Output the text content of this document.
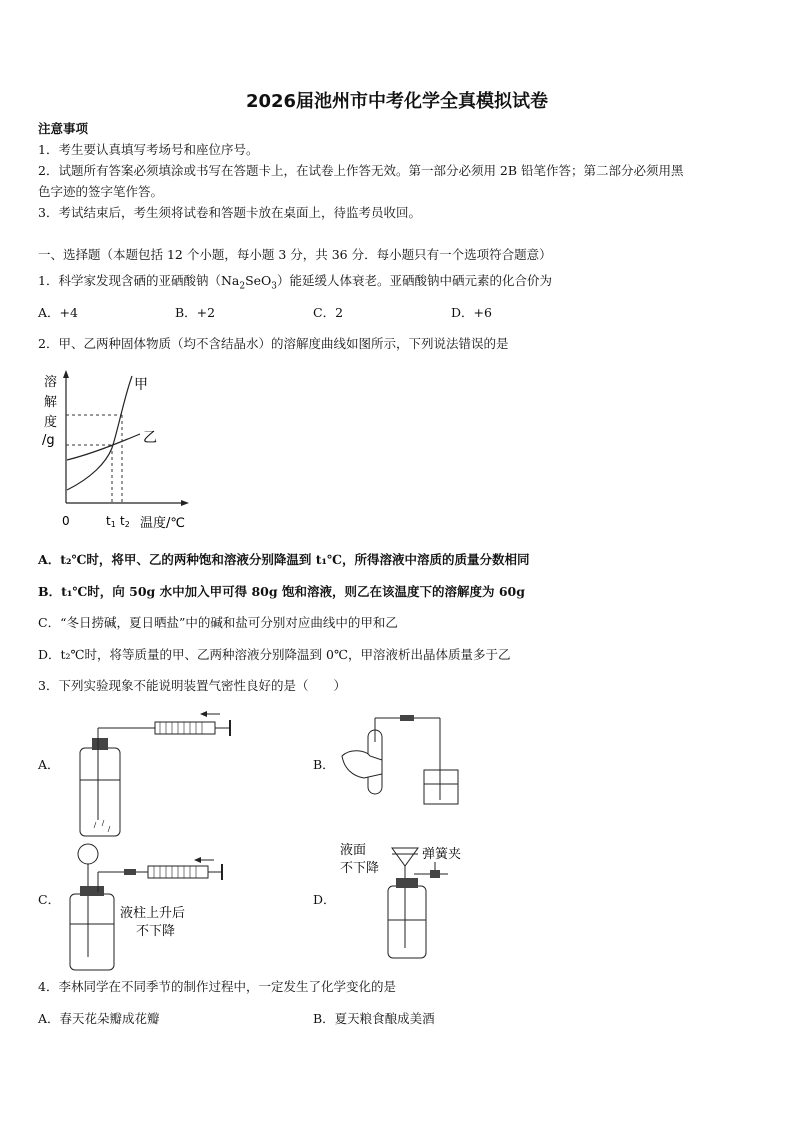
2026届池州市中考化学全真模拟试卷
注意事项
1．考生要认真填写考场号和座位序号。
2．试题所有答案必须填涂或书写在答题卡上，在试卷上作答无效。第一部分必须用 2B 铅笔作答；第二部分必须用黑
色字迹的签字笔作答。
3．考试结束后，考生须将试卷和答题卡放在桌面上，待监考员收回。
一、选择题（本题包括 12 个小题，每小题 3 分，共 36 分．每小题只有一个选项符合题意）
1．科学家发现含硒的亚硒酸钠$(Na_2SeO_3)$能延缓人体衰老。亚硒酸钠中硒元素的化合价为
A．+4	B．+2	C．2	D．+6
2．甲、乙两种固体物质（均不含结晶水）的溶解度曲线如图所示，下列说法错误的是
溶
解
度
/g
0	t1 t2 温度/℃
甲
乙
A．t₂℃时，将甲、乙的两种饱和溶液分别降温到 t₁℃，所得溶液中溶质的质量分数相同
B．t₁℃时，向 50g 水中加入甲可得 80g 饱和溶液，则乙在该温度下的溶解度为 60g
C．“冬日捞碱，夏日晒盐”中的碱和盐可分别对应曲线中的甲和乙
D．t₂℃时，将等质量的甲、乙两种溶液分别降温到 0℃，甲溶液析出晶体质量多于乙
3．下列实验现象不能说明装置气密性良好的是（　　）
A．	B．
C．	D．
液柱上升后
不下降
液面
不下降
弹簧夹
4．李林同学在不同季节的制作过程中，一定发生了化学变化的是
A．春天花朵瓣成花瓣	B．夏天粮食酿成美酒
